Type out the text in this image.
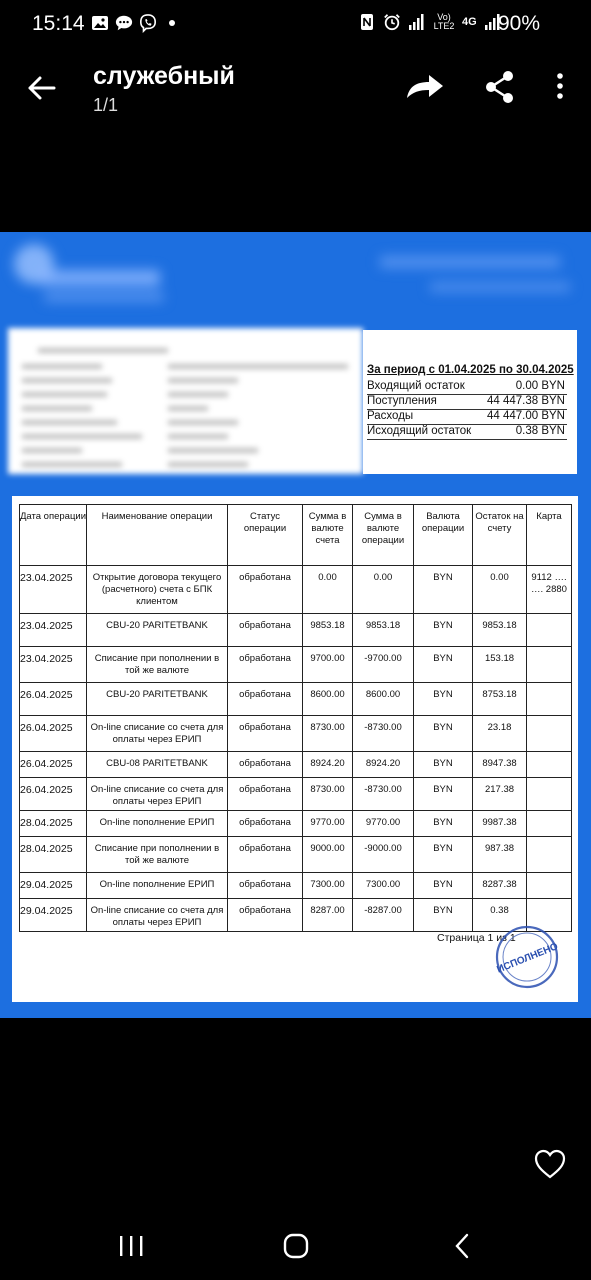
15:14	Vo) LTE2 4G 90%
служебный
1/1
За период с 01.04.2025 по 30.04.2025
Входящий остаток	0.00 BYN
Поступления	44 447.38 BYN
Расходы	44 447.00 BYN
Исходящий остаток	0.38 BYN
Дата операции	Наименование операции	Статус операции	Сумма в валюте счета	Сумма в валюте операции	Валюта операции	Остаток на счету	Карта
23.04.2025	Открытие договора текущего (расчетного) счета с БПК клиентом	обработана	0.00	0.00	BYN	0.00	9112 …. …. 2880
23.04.2025	CBU-20 PARITETBANK	обработана	9853.18	9853.18	BYN	9853.18	
23.04.2025	Списание при пополнении в той же валюте	обработана	9700.00	-9700.00	BYN	153.18	
26.04.2025	CBU-20 PARITETBANK	обработана	8600.00	8600.00	BYN	8753.18	
26.04.2025	On-line списание со счета для оплаты через ЕРИП	обработана	8730.00	-8730.00	BYN	23.18	
26.04.2025	CBU-08 PARITETBANK	обработана	8924.20	8924.20	BYN	8947.38	
26.04.2025	On-line списание со счета для оплаты через ЕРИП	обработана	8730.00	-8730.00	BYN	217.38	
28.04.2025	On-line пополнение ЕРИП	обработана	9770.00	9770.00	BYN	9987.38	
28.04.2025	Списание при пополнении в той же валюте	обработана	9000.00	-9000.00	BYN	987.38	
29.04.2025	On-line пополнение ЕРИП	обработана	7300.00	7300.00	BYN	8287.38	
29.04.2025	On-line списание со счета для оплаты через ЕРИП	обработана	8287.00	-8287.00	BYN	0.38	
Страница 1 из 1
ИСПОЛНЕНО
